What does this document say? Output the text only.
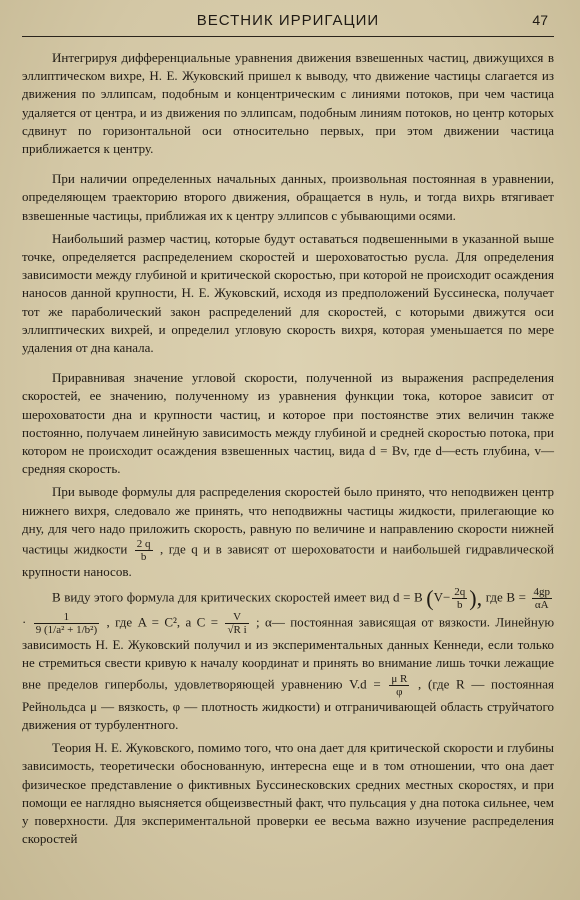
ВЕСТНИК ИРРИГАЦИИ	47

Интегрируя дифференциальные уравнения движения взвешенных частиц, движущихся в эллиптическом вихре, Н. Е. Жуковский пришел к выводу, что движение частицы слагается из движения по эллипсам, подобным и концентрическим с линиями потоков, при чем частица удаляется от центра, и из движения по эллипсам, подобным линиям потоков, но центр которых сдвинут по горизонтальной оси относительно первых, при этом движении частица приближается к центру.

При наличии определенных начальных данных, произвольная постоянная в уравнении, определяющем траекторию второго движения, обращается в нуль, и тогда вихрь втягивает взвешенные частицы, приближая их к центру эллипсов с убывающими осями.

Наибольший размер частиц, которые будут оставаться подвешенными в указанной выше точке, определяется распределением скоростей и шероховатостью русла. Для определения зависимости между глубиной и критической скоростью, при которой не происходит осаждения наносов данной крупности, Н. Е. Жуковский, исходя из предположений Буссинеска, получает тот же параболический закон распределений для скоростей, с которыми движутся оси эллиптических вихрей, и определил угловую скорость вихря, которая уменьшается по мере удаления от дна канала.

Приравнивая значение угловой скорости, полученной из выражения распределения скоростей, ее значению, полученному из уравнения функции тока, которое зависит от шероховатости дна и крупности частиц, и которое при постоянстве этих величин также постоянно, получаем линейную зависимость между глубиной и средней скоростью потока, при котором не происходит осаждения взвешенных частиц, вида d = Bv, где d—есть глубина, v—средняя скорость.

При выводе формулы для распределения скоростей было принято, что неподвижен центр нижнего вихря, следовало же принять, что неподвижны частицы жидкости, прилегающие ко дну, для чего надо приложить скорость, равную по величине и направлению скорости нижней частицы жидкости $\frac{2 q}{b}$ , где q и в зависят от шероховатости и наибольшей гидравлической крупности наносов.

В виду этого формула для критических скоростей имеет вид d = B ($V- \frac{2q}{b}$ ), где $B = \frac{4gp}{\alpha A}$
· $\frac{1}{\text{9 (1/a² + 1/b²)}}$ , где A = C², а $C = \frac{V}{\text{√R i}}$ ; α— постоянная зависящая от вязкости. Линейную зависимость Н. Е. Жуковский получил и из экспериментальных данных Кеннеди, если только не стремиться свести кривую к началу координат и принять во внимание лишь точки лежащие вне пределов гиперболы, удовлетворяющей уравнению $V.d = \frac{\text{μ R}}{\varphi}$ , (где R — постоянная Рейнольдса μ — вязкость, φ — плотность жидкости) и отграничивающей область струйчатого движения от турбулентного.

Теория Н. Е. Жуковского, помимо того, что она дает для критической скорости и глубины зависимость, теоретически обоснованную, интересна еще и в том отношении, что она дает физическое представление о фиктивных Буссинесковских средних местных скоростях, и при помощи ее наглядно выясняется общеизвестный факт, что пульсация у дна потока сильнее, чем у поверхности. Для экспериментальной проверки ее весьма важно изучение распределения скоростей
